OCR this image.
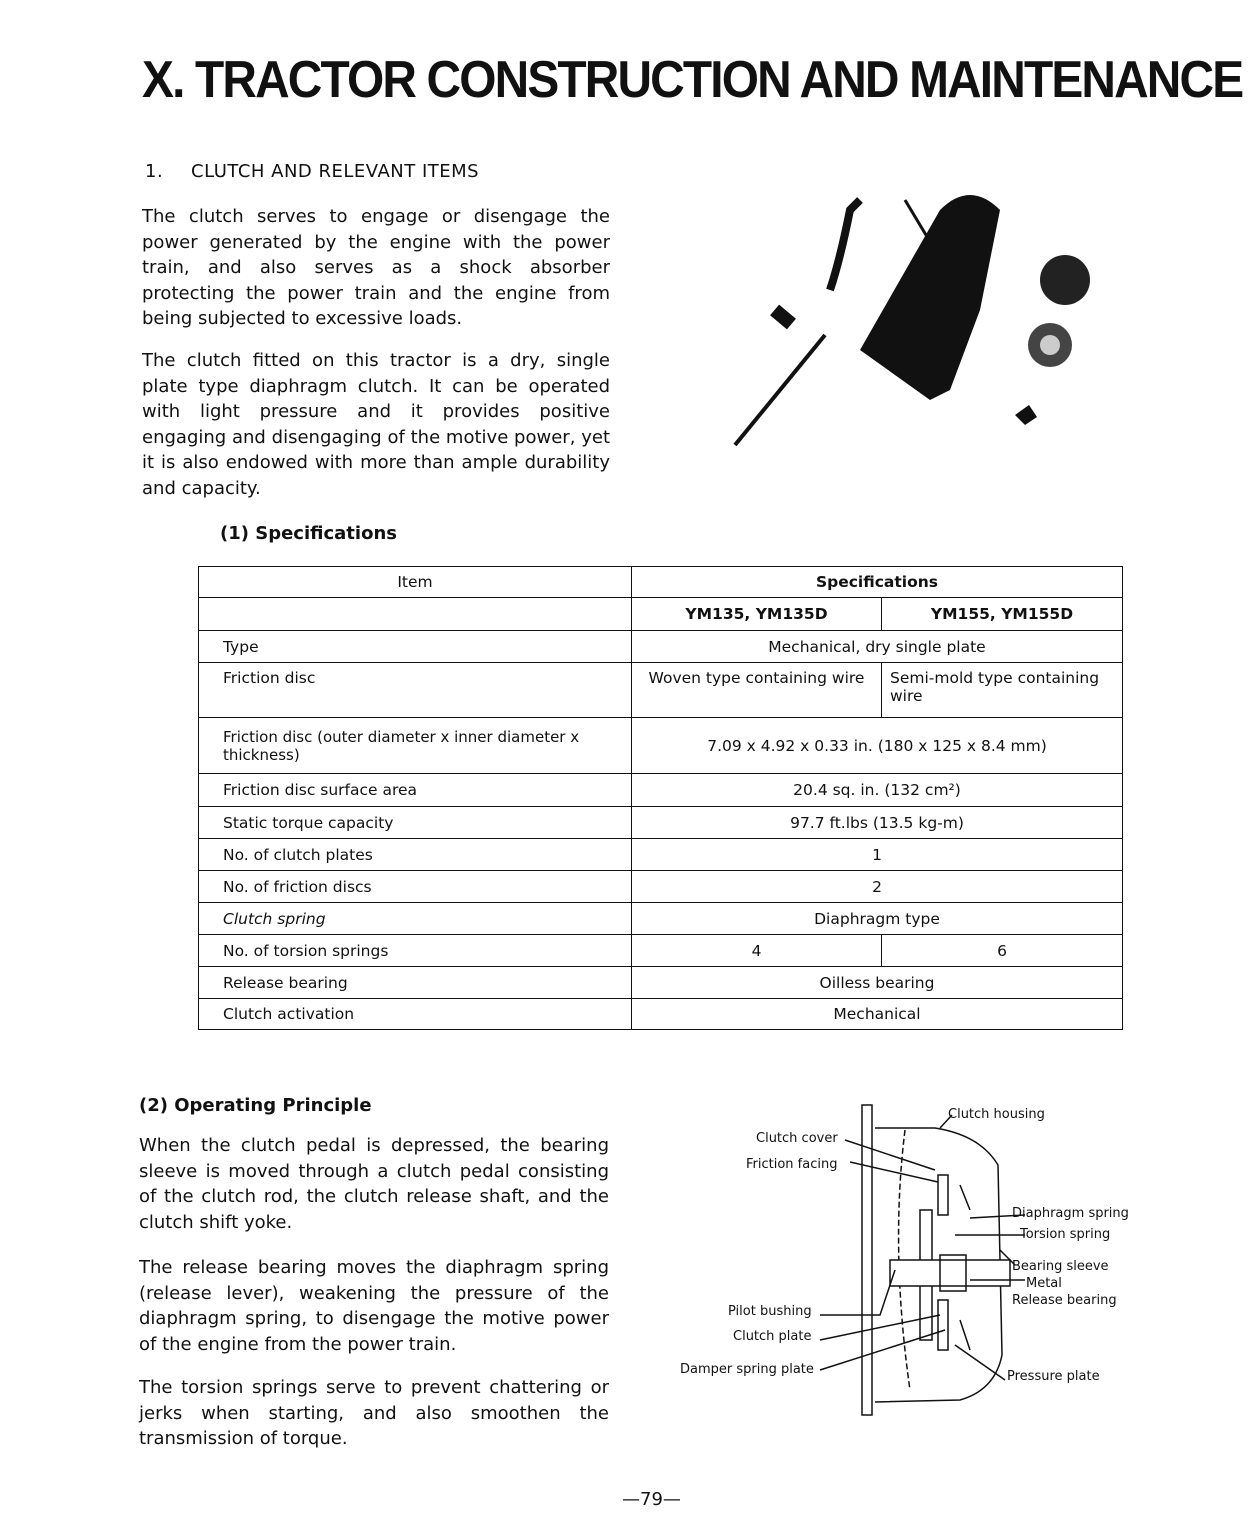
X. TRACTOR CONSTRUCTION AND MAINTENANCE
1. CLUTCH AND RELEVANT ITEMS
The clutch serves to engage or disengage the power generated by the engine with the power train, and also serves as a shock absorber protecting the power train and the engine from being subjected to excessive loads.
The clutch fitted on this tractor is a dry, single plate type diaphragm clutch. It can be operated with light pressure and it provides positive engaging and disengaging of the motive power, yet it is also endowed with more than ample durability and capacity.
(1) Specifications
Item	Specifications	
	YM135, YM135D	YM155, YM155D
Type	Mechanical, dry single plate	
Friction disc	Woven type containing wire	Semi-mold type containing wire
Friction disc (outer diameter x inner diameter x thickness)	7.09 x 4.92 x 0.33 in. (180 x 125 x 8.4 mm)	
Friction disc surface area	20.4 sq. in. (132 cm²)	
Static torque capacity	97.7 ft.lbs (13.5 kg-m)	
No. of clutch plates	1	
No. of friction discs	2	
Clutch spring	Diaphragm type	
No. of torsion springs	4	6
Release bearing	Oilless bearing	
Clutch activation	Mechanical	
(2) Operating Principle
When the clutch pedal is depressed, the bearing sleeve is moved through a clutch pedal consisting of the clutch rod, the clutch release shaft, and the clutch shift yoke.
The release bearing moves the diaphragm spring (release lever), weakening the pressure of the diaphragm spring, to disengage the motive power of the engine from the power train.
The torsion springs serve to prevent chattering or jerks when starting, and also smoothen the transmission of torque.
Clutch housing
Clutch cover
Friction facing
Diaphragm spring
Torsion spring
Bearing sleeve
Metal
Release bearing
Pilot bushing
Clutch plate
Damper spring plate	Pressure plate
—79—
